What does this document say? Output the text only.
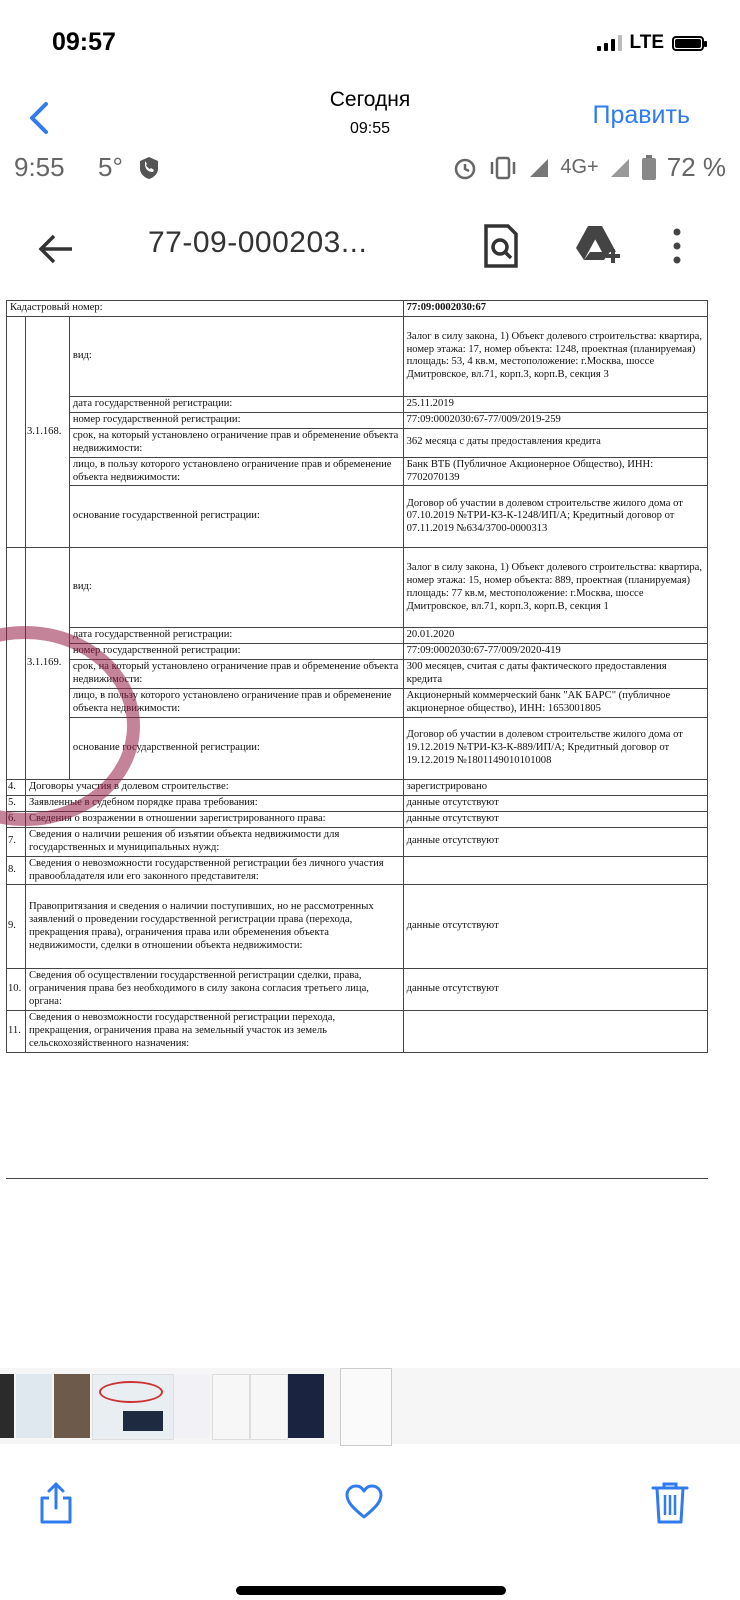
09:57	LTE
Сегодня
09:55	Править
9:55 5°	4G+	72 %
77-09-000203...
Кадастровый номер:			77:09:0002030:67
	3.1.168.	вид:	Залог в силу закона, 1) Объект долевого строительства: квартира, номер этажа: 17, номер объекта: 1248, проектная (планируемая) площадь: 53, 4 кв.м, местоположение: г.Москва, шоссе Дмитровское, вл.71, корп.3, корп.В, секция 3
		дата государственной регистрации:	25.11.2019
		номер государственной регистрации:	77:09:0002030:67-77/009/2019-259
		срок, на который установлено ограничение прав и обременение объекта недвижимости:	362 месяца с даты предоставления кредита
		лицо, в пользу которого установлено ограничение прав и обременение объекта недвижимости:	Банк ВТБ (Публичное Акционерное Общество), ИНН: 7702070139
		основание государственной регистрации:	Договор об участии в долевом строительстве жилого дома от 07.10.2019 №ТРИ-К3-К-1248/ИП/А; Кредитный договор от 07.11.2019 №634/3700-0000313
	3.1.169.	вид:	Залог в силу закона, 1) Объект долевого строительства: квартира, номер этажа: 15, номер объекта: 889, проектная (планируемая) площадь: 77 кв.м, местоположение: г.Москва, шоссе Дмитровское, вл.71, корп.3, корп.В, секция 1
		дата государственной регистрации:	20.01.2020
		номер государственной регистрации:	77:09:0002030:67-77/009/2020-419
		срок, на который установлено ограничение прав и обременение объекта недвижимости:	300 месяцев, считая с даты фактического предоставления кредита
		лицо, в пользу которого установлено ограничение прав и обременение объекта недвижимости:	Акционерный коммерческий банк "АК БАРС" (публичное акционерное общество), ИНН: 1653001805
		основание государственной регистрации:	Договор об участии в долевом строительстве жилого дома от 19.12.2019 №ТРИ-К3-К-889/ИП/А; Кредитный договор от 19.12.2019 №1801149010101008
4.	Договоры участия в долевом строительстве:		зарегистрировано
5.	Заявленные в судебном порядке права требования:		данные отсутствуют
6.	Сведения о возражении в отношении зарегистрированного права:		данные отсутствуют
7.	Сведения о наличии решения об изъятии объекта недвижимости для государственных и муниципальных нужд:		данные отсутствуют
8.	Сведения о невозможности государственной регистрации без личного участия правообладателя или его законного представителя:		
9.	Правопритязания и сведения о наличии поступивших, но не рассмотренных заявлений о проведении государственной регистрации права (перехода, прекращения права), ограничения права или обременения объекта недвижимости, сделки в отношении объекта недвижимости:		данные отсутствуют
10.	Сведения об осуществлении государственной регистрации сделки, права, ограничения права без необходимого в силу закона согласия третьего лица, органа:		данные отсутствуют
11.	Сведения о невозможности государственной регистрации перехода, прекращения, ограничения права на земельный участок из земель сельскохозяйственного назначения:		
